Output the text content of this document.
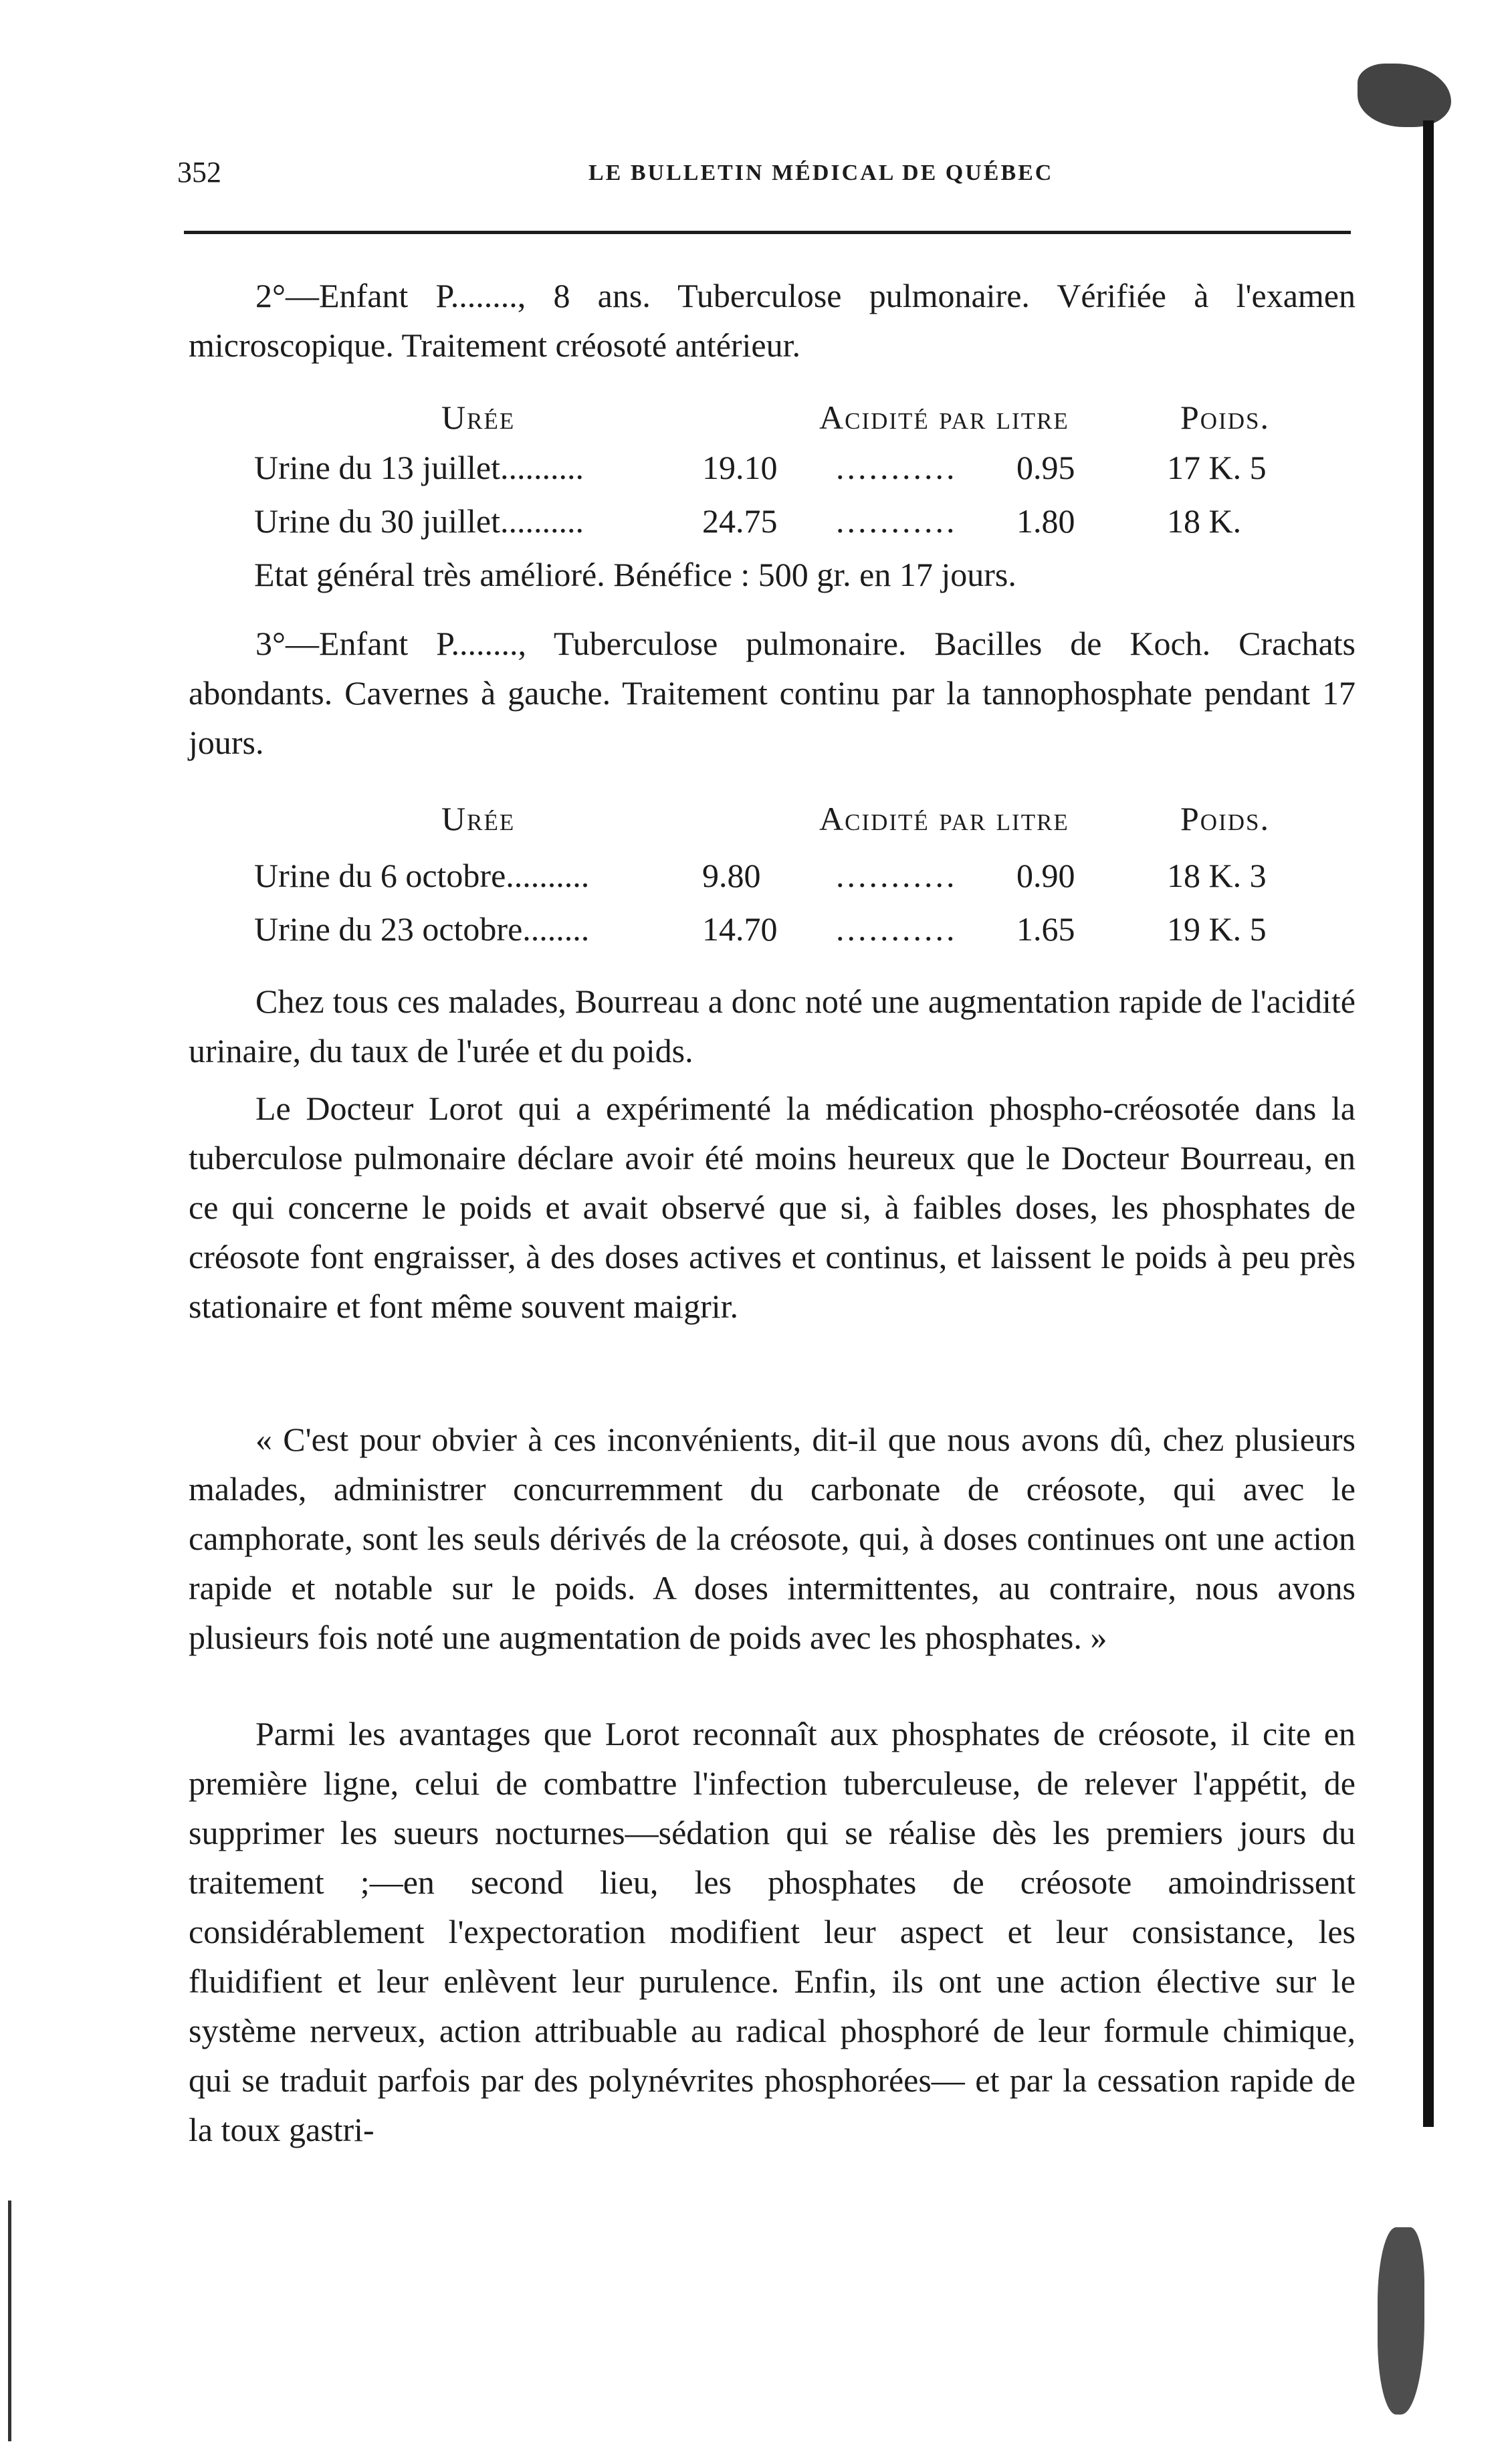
352	LE BULLETIN MÉDICAL DE QUÉBEC
2°—Enfant P........, 8 ans. Tuberculose pulmonaire. Vérifiée à l'examen microscopique. Traitement créosoté antérieur.
Urée	Acidité par litre	Poids.
Urine du 13 juillet..........	19.10 ........... 0.95	17 K. 5
Urine du 30 juillet..........	24.75 ........... 1.80	18 K.
Etat général très amélioré. Bénéfice : 500 gr. en 17 jours.
3°—Enfant P........, Tuberculose pulmonaire. Bacilles de Koch. Crachats abondants. Cavernes à gauche. Traitement continu par la tannophosphate pendant 17 jours.
Urée	Acidité par litre	Poids.
Urine du 6 octobre..........	9.80 ........... 0.90	18 K. 3
Urine du 23 octobre........	14.70 ........... 1.65	19 K. 5
Chez tous ces malades, Bourreau a donc noté une augmentation rapide de l'acidité urinaire, du taux de l'urée et du poids.
Le Docteur Lorot qui a expérimenté la médication phospho-créosotée dans la tuberculose pulmonaire déclare avoir été moins heureux que le Docteur Bourreau, en ce qui concerne le poids et avait observé que si, à faibles doses, les phosphates de créosote font engraisser, à des doses actives et continus, et laissent le poids à peu près stationaire et font même souvent maigrir.
« C'est pour obvier à ces inconvénients, dit-il que nous avons dû, chez plusieurs malades, administrer concurremment du carbonate de créosote, qui avec le camphorate, sont les seuls dérivés de la créosote, qui, à doses continues ont une action rapide et notable sur le poids. A doses intermittentes, au contraire, nous avons plusieurs fois noté une augmentation de poids avec les phosphates. »
Parmi les avantages que Lorot reconnaît aux phosphates de créosote, il cite en première ligne, celui de combattre l'infection tuberculeuse, de relever l'appétit, de supprimer les sueurs nocturnes—sédation qui se réalise dès les premiers jours du traitement ;—en second lieu, les phosphates de créosote amoindrissent considérablement l'expectoration modifient leur aspect et leur consistance, les fluidifient et leur enlèvent leur purulence. Enfin, ils ont une action élective sur le système nerveux, action attribuable au radical phosphoré de leur formule chimique, qui se traduit parfois par des polynévrites phosphorées— et par la cessation rapide de la toux gastri-
